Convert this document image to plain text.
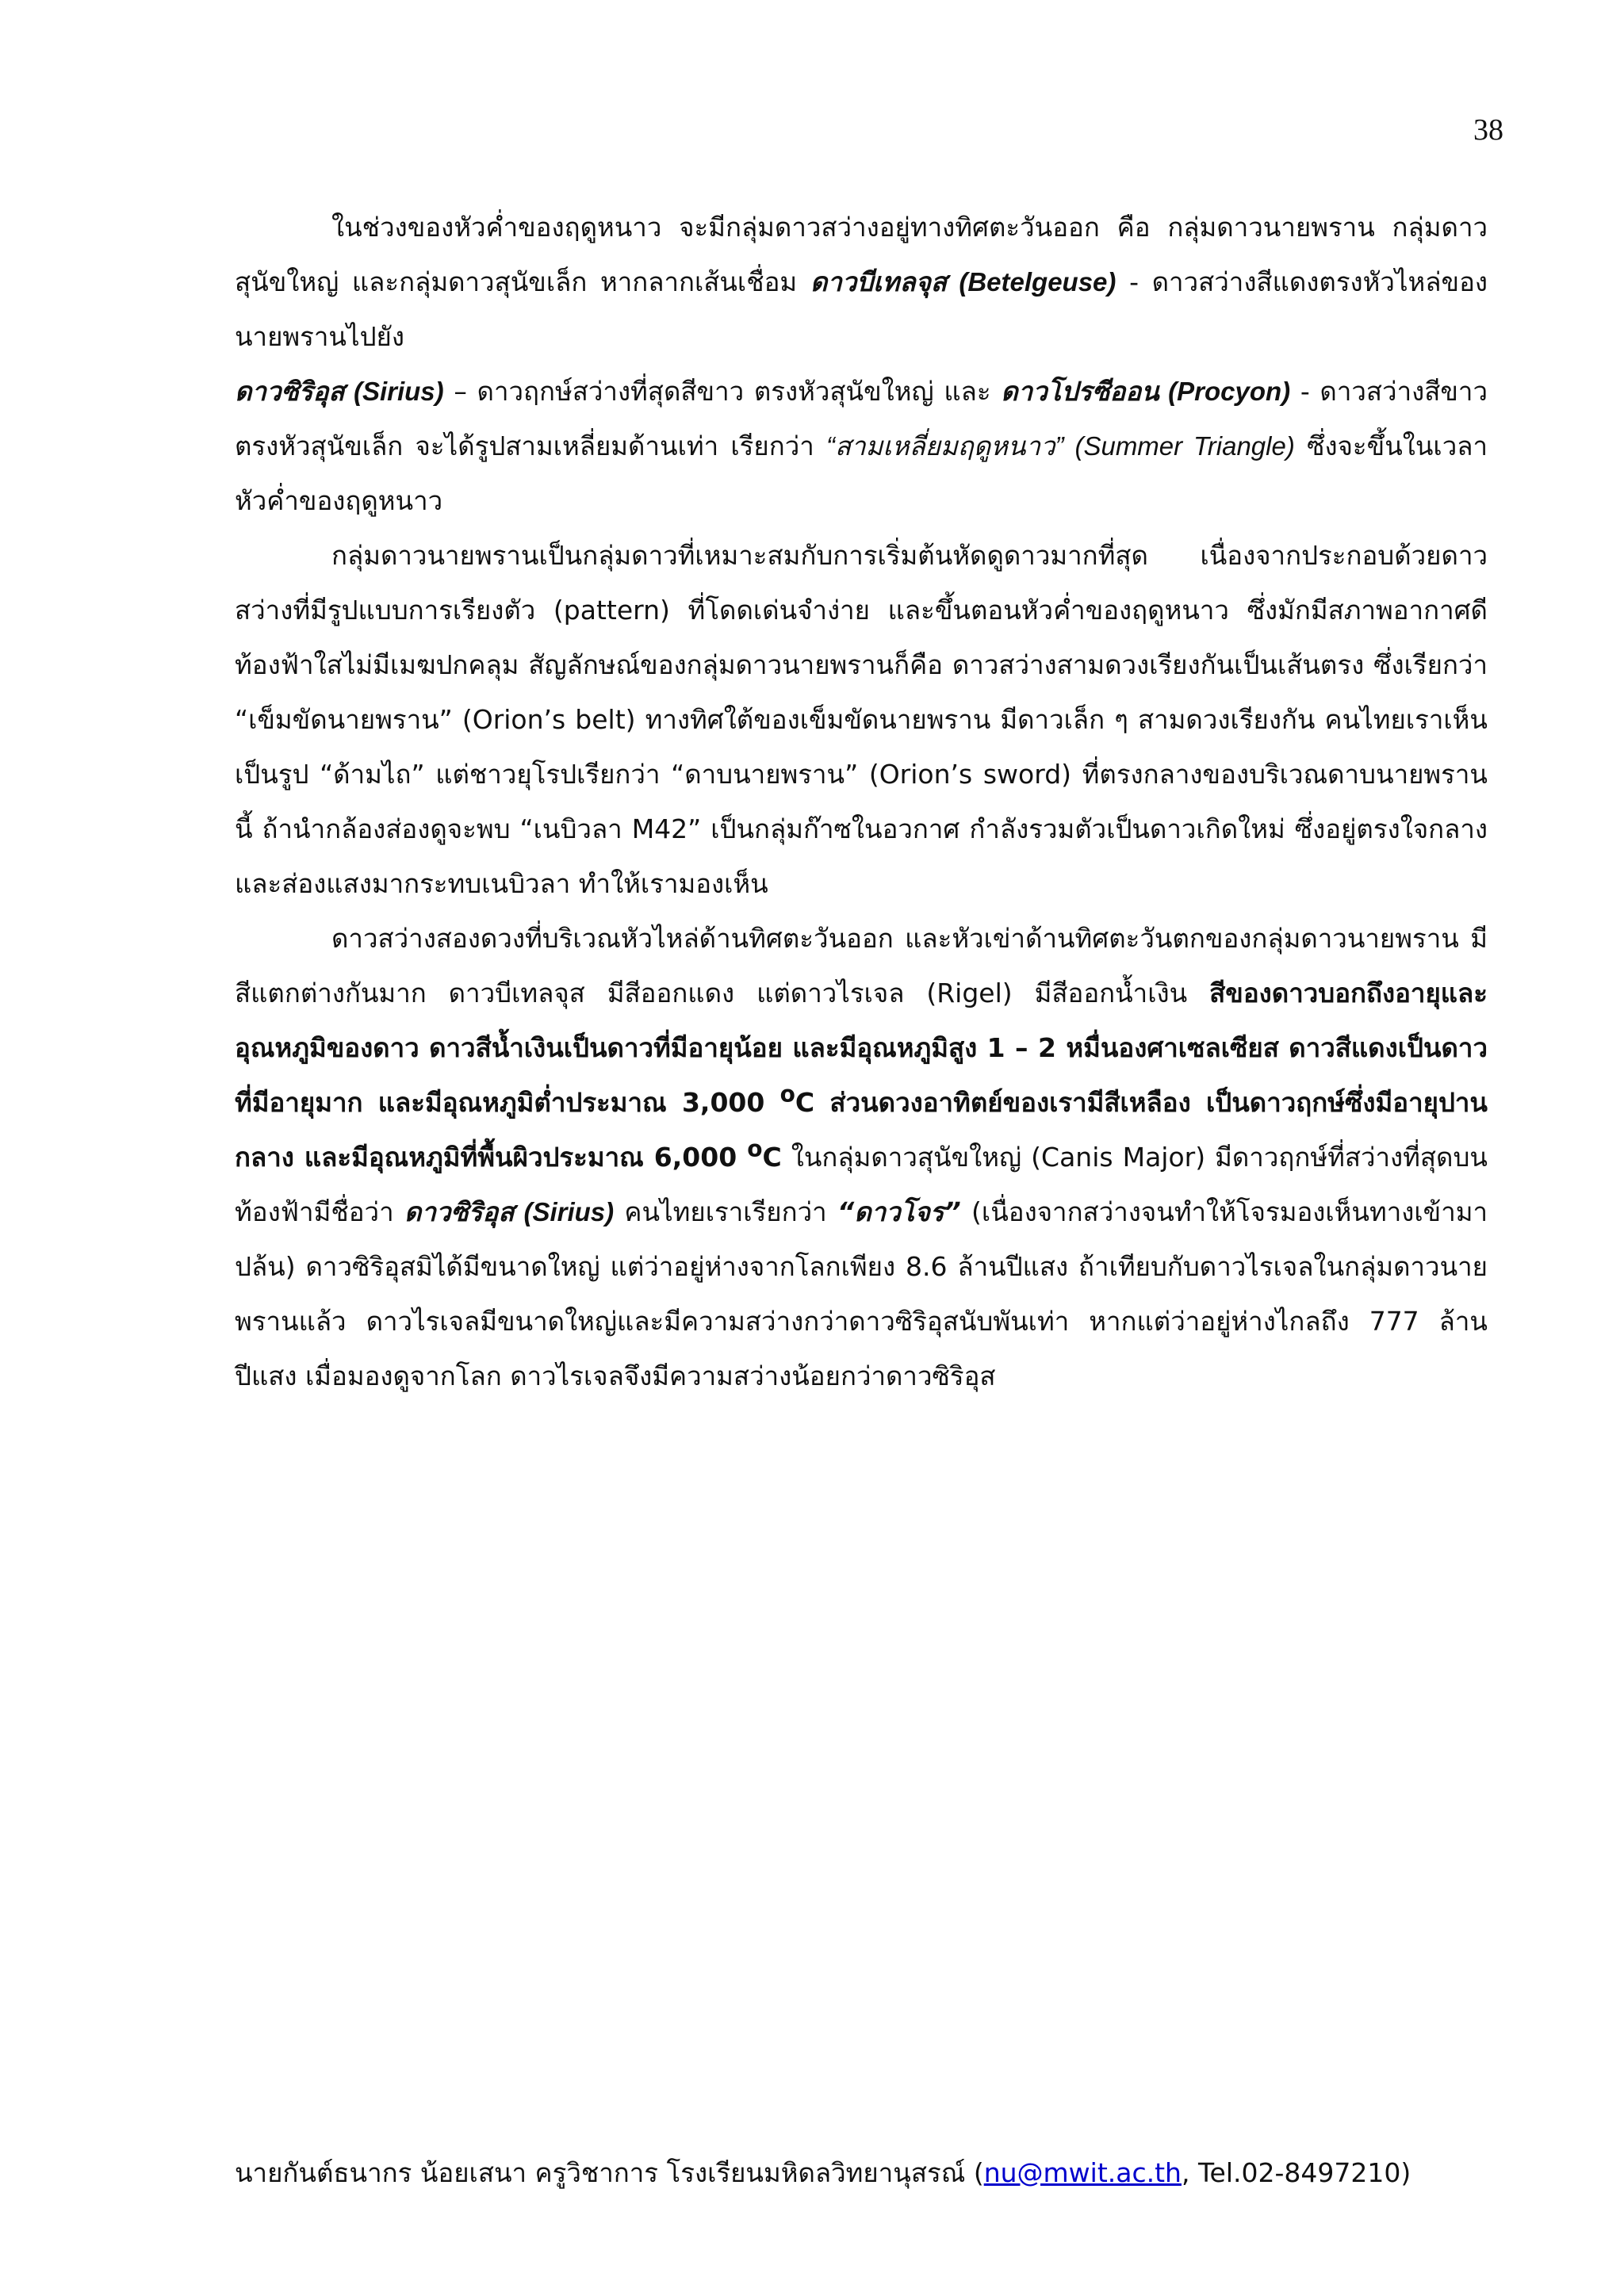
38

ในช่วงของหัวค่ำของฤดูหนาว จะมีกลุ่มดาวสว่างอยู่ทางทิศตะวันออก คือ กลุ่มดาวนายพราน กลุ่มดาวสุนัขใหญ่ และกลุ่มดาวสุนัขเล็ก หากลากเส้นเชื่อม ดาวบีเทลจุส (Betelgeuse) - ดาวสว่างสีแดงตรงหัวไหล่ของนายพรานไปยัง

ดาวซิริอุส (Sirius) – ดาวฤกษ์สว่างที่สุดสีขาว ตรงหัวสุนัขใหญ่ และ ดาวโปรซีออน (Procyon) - ดาวสว่างสีขาวตรงหัวสุนัขเล็ก จะได้รูปสามเหลี่ยมด้านเท่า เรียกว่า “สามเหลี่ยมฤดูหนาว” (Summer Triangle) ซึ่งจะขึ้นในเวลาหัวค่ำของฤดูหนาว

กลุ่มดาวนายพรานเป็นกลุ่มดาวที่เหมาะสมกับการเริ่มต้นหัดดูดาวมากที่สุด เนื่องจากประกอบด้วยดาวสว่างที่มีรูปแบบการเรียงตัว (pattern) ที่โดดเด่นจำง่าย และขึ้นตอนหัวค่ำของฤดูหนาว ซึ่งมักมีสภาพอากาศดีท้องฟ้าใสไม่มีเมฆปกคลุม สัญลักษณ์ของกลุ่มดาวนายพรานก็คือ ดาวสว่างสามดวงเรียงกันเป็นเส้นตรง ซึ่งเรียกว่า “เข็มขัดนายพราน” (Orion’s belt) ทางทิศใต้ของเข็มขัดนายพราน มีดาวเล็ก ๆ สามดวงเรียงกัน คนไทยเราเห็นเป็นรูป “ด้ามไถ” แต่ชาวยุโรปเรียกว่า “ดาบนายพราน” (Orion’s sword) ที่ตรงกลางของบริเวณดาบนายพรานนี้ ถ้านำกล้องส่องดูจะพบ “เนบิวลา M42” เป็นกลุ่มก๊าซในอวกาศ กำลังรวมตัวเป็นดาวเกิดใหม่ ซึ่งอยู่ตรงใจกลางและส่องแสงมากระทบเนบิวลา ทำให้เรามองเห็น

ดาวสว่างสองดวงที่บริเวณหัวไหล่ด้านทิศตะวันออก และหัวเข่าด้านทิศตะวันตกของกลุ่มดาวนายพราน มีสีแตกต่างกันมาก ดาวบีเทลจุส มีสีออกแดง แต่ดาวไรเจล (Rigel) มีสีออกน้ำเงิน สีของดาวบอกถึงอายุและอุณหภูมิของดาว ดาวสีน้ำเงินเป็นดาวที่มีอายุน้อย และมีอุณหภูมิสูง 1 – 2 หมื่นองศาเซลเซียส ดาวสีแดงเป็นดาวที่มีอายุมาก และมีอุณหภูมิต่ำประมาณ 3,000 $^o$C ส่วนดวงอาทิตย์ของเรามีสีเหลือง เป็นดาวฤกษ์ซึ่งมีอายุปานกลาง และมีอุณหภูมิที่พื้นผิวประมาณ 6,000 $^o$C ในกลุ่มดาวสุนัขใหญ่ (Canis Major) มีดาวฤกษ์ที่สว่างที่สุดบนท้องฟ้ามีชื่อว่า ดาวซิริอุส (Sirius) คนไทยเราเรียกว่า “ดาวโจร” (เนื่องจากสว่างจนทำให้โจรมองเห็นทางเข้ามาปล้น) ดาวซิริอุสมิได้มีขนาดใหญ่ แต่ว่าอยู่ห่างจากโลกเพียง 8.6 ล้านปีแสง ถ้าเทียบกับดาวไรเจลในกลุ่มดาวนายพรานแล้ว ดาวไรเจลมีขนาดใหญ่และมีความสว่างกว่าดาวซิริอุสนับพันเท่า หากแต่ว่าอยู่ห่างไกลถึง 777 ล้านปีแสง เมื่อมองดูจากโลก ดาวไรเจลจึงมีความสว่างน้อยกว่าดาวซิริอุส

นายกันต์ธนากร น้อยเสนา ครูวิชาการ โรงเรียนมหิดลวิทยานุสรณ์ (nu@mwit.ac.th, Tel.02-8497210)
